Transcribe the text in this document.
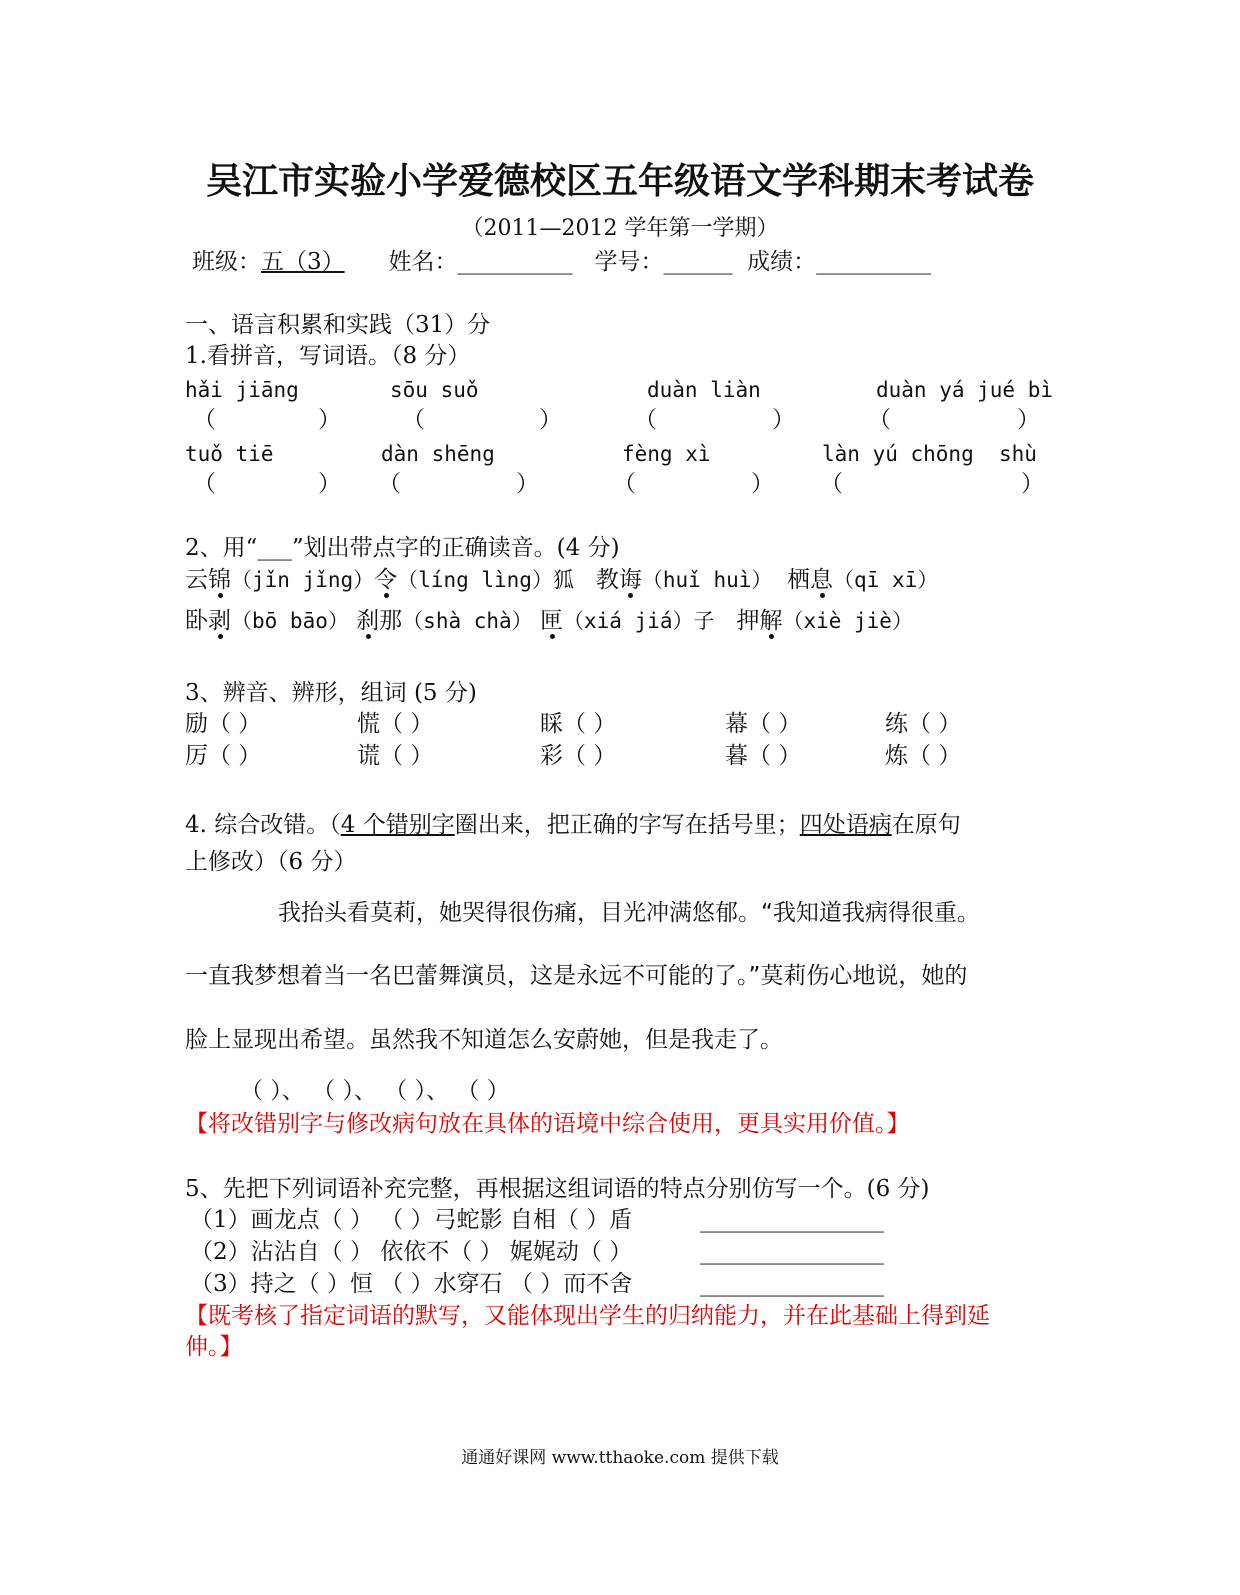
吴江市实验小学爱德校区五年级语文学科期末考试卷
（2011—2012 学年第一学期）
班级：五（3） 姓名：__________ 学号：______ 成绩：__________
一、语言积累和实践（31）分
1.看拼音，写词语。（8 分）
hǎi jiāng	sōu suǒ	duàn liàn	duàn yá jué bì
（	）	（	）	（	）	（	）
tuǒ tiē	dàn shēng	fèng xì	làn yú chōng shù
（	） （	）	（	） （	）
2、用“___”划出带点字的正确读音。(4 分)
云锦（jǐn jǐng）令（líng lìng）狐 教诲（huǐ huì） 栖息（qī xī）
卧剥（bō bāo） 刹那（shà chà） 匣（xiá jiá）子 押解（xiè jiè）
3、辨音、辨形，组词 (5 分)
励（ ）	慌（ ）	睬（ ）	幕（ ）	练（ ）
厉（ ）	谎（ ）	彩（ ）	暮（ ）	炼（ ）
4. 综合改错。（4 个错别字圈出来，把正确的字写在括号里；四处语病在原句
上修改）（6 分）
我抬头看莫莉，她哭得很伤痛，目光冲满悠郁。“我知道我病得很重。
一直我梦想着当一名巴蕾舞演员，这是永远不可能的了。”莫莉伤心地说，她的
脸上显现出希望。虽然我不知道怎么安蔚她，但是我走了。
（ ）、 （ ）、 （ ）、 （ ）
【将改错别字与修改病句放在具体的语境中综合使用，更具实用价值。】
5、先把下列词语补充完整，再根据这组词语的特点分别仿写一个。(6 分)
（1）画龙点（ ） （ ）弓蛇影 自相（ ）盾	________________
（2）沾沾自（ ） 依依不（ ） 娓娓动（ ）	________________
（3）持之（ ）恒 （ ）水穿石 （ ）而不舍	________________
【既考核了指定词语的默写，又能体现出学生的归纳能力，并在此基础上得到延
伸。】
通通好课网 www.tthaoke.com 提供下载
